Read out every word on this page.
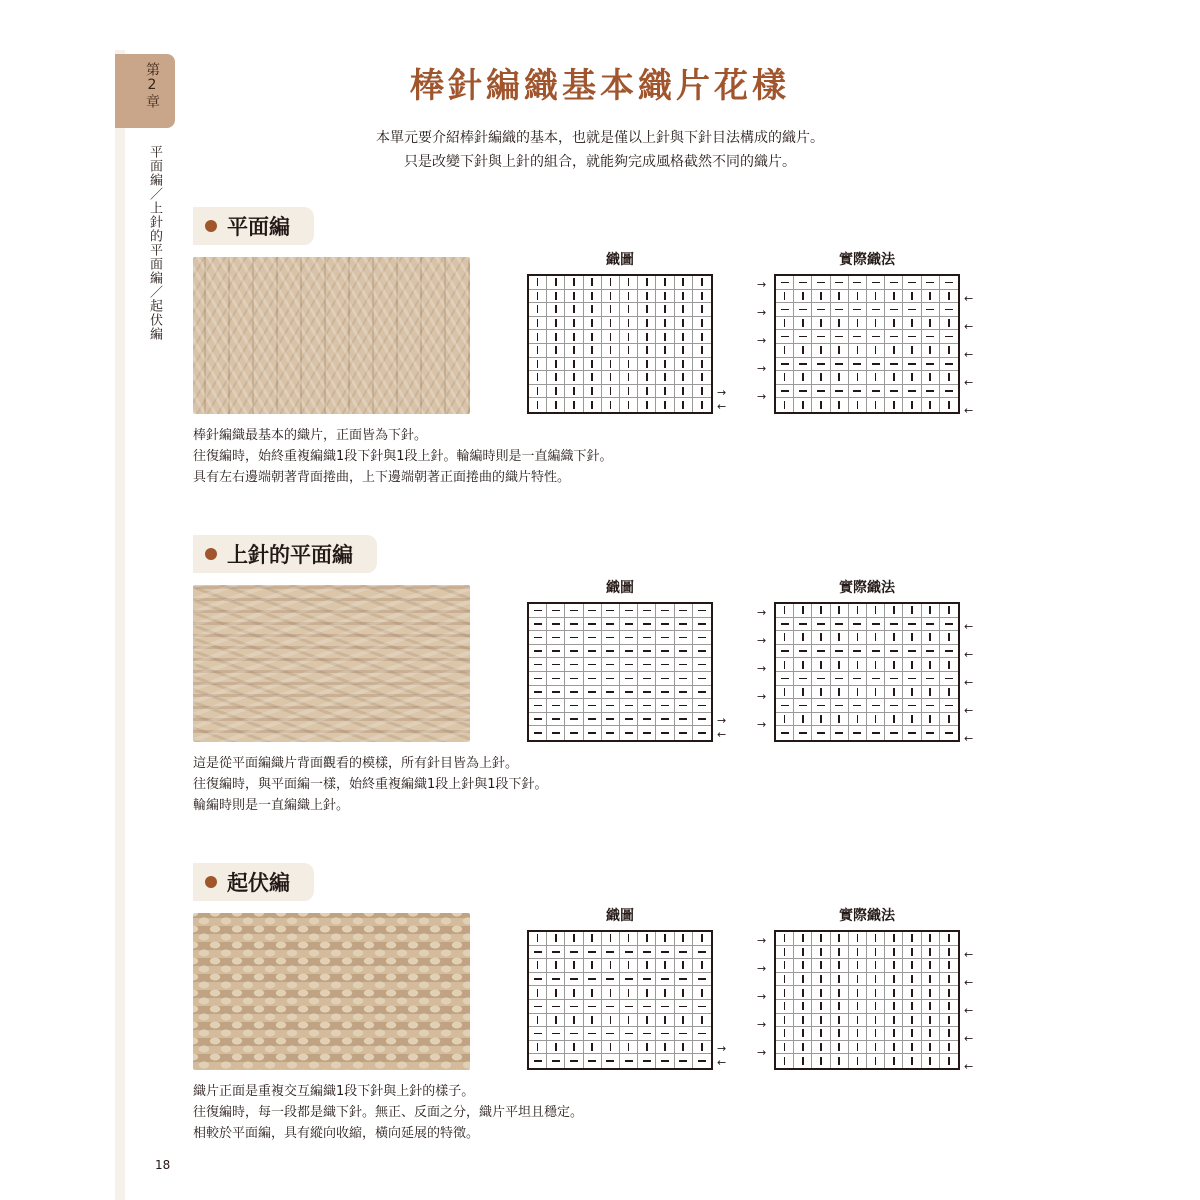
第2章
平面編／上針的平面編／起伏編
棒針編織基本織片花樣
本單元要介紹棒針編織的基本，也就是僅以上針與下針目法構成的織片。
只是改變下針與上針的組合，就能夠完成風格截然不同的織片。
平面編
織圖	實際織法
棒針編織最基本的織片，正面皆為下針。
往復編時，始終重複編織1段下針與1段上針。輪編時則是一直編織下針。
具有左右邊端朝著背面捲曲，上下邊端朝著正面捲曲的織片特性。
→
←
→
←
→
←
→
←
→
←
→
←
上針的平面編
織圖	實際織法
這是從平面編織片背面觀看的模樣，所有針目皆為上針。
往復編時，與平面編一樣，始終重複編織1段上針與1段下針。
輪編時則是一直編織上針。
→
←
→
←
→
←
→
←
→
←
→
←
起伏編
織圖	實際織法
織片正面是重複交互編織1段下針與上針的樣子。
往復編時，每一段都是織下針。無正、反面之分，織片平坦且穩定。
相較於平面編，具有縱向收縮，橫向延展的特徵。
→
←
→
←
→
←
→
←
→
←
→
←
18
